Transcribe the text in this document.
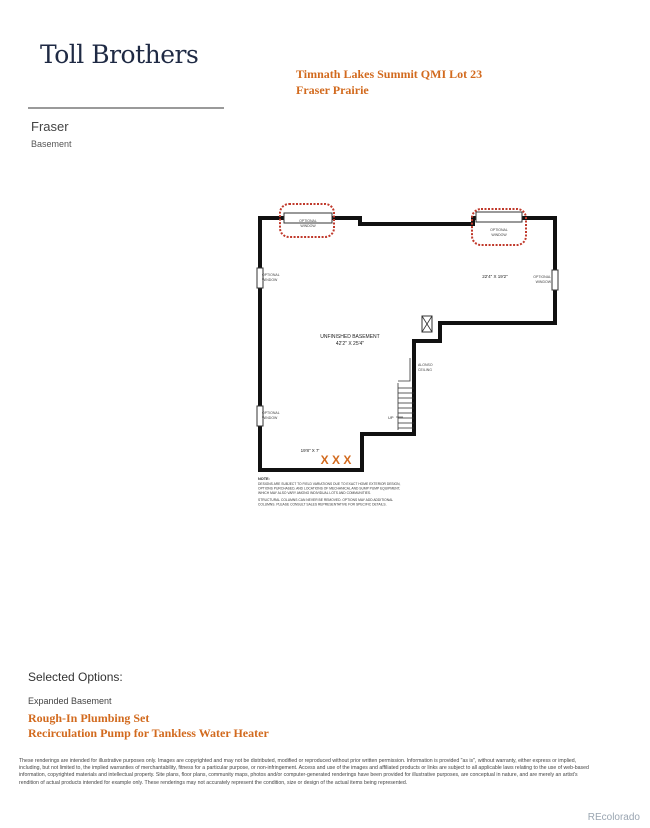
Toll Brothers
Timnath Lakes Summit QMI Lot 23
Fraser Prairie
Fraser
Basement
OPTIONAL
WINDOW
OPTIONAL
WINDOW
OPTIONAL
WINDOW
OPTIONAL
WINDOW
OPTIONAL
WINDOW
UNFINISHED BASEMENT
42'2" X 25'4"
22'4" X 19'2"
19'8" X 7'
X X X
ALONSO
CEILING
UP
NOTE:
DESIGNS ARE SUBJECT TO FIELD VARIATIONS DUE TO EXACT HOME EXTERIOR DESIGN,
OPTIONS PURCHASED, AND LOCATIONS OF MECHANICAL AND SUMP PUMP EQUIPMENT,
WHICH MAY ALSO VARY AMONG INDIVIDUAL LOTS AND COMMUNITIES.
STRUCTURAL COLUMNS CAN NEVER BE REMOVED. OPTIONS MAY ADD ADDITIONAL
COLUMNS. PLEASE CONSULT SALES REPRESENTATIVE FOR SPECIFIC DETAILS.
Selected Options:
Expanded Basement
Rough-In Plumbing Set
Recirculation Pump for Tankless Water Heater

These renderings are intended for illustrative purposes only. Images are copyrighted and may not be distributed, modified or reproduced without prior written permission. Information is provided "as is", without warranty, either express or implied, including, but not limited to, the implied warranties of merchantability, fitness for a particular purpose, or non-infringement. Access and use of the images and affiliated products or links are subject to all applicable laws relating to the use of web-based information, copyrighted materials and intellectual property. Site plans, floor plans, community maps, photos and/or computer-generated renderings have been provided for illustrative purposes, are conceptual in nature, and are merely an artist's rendition of actual products intended for example only. These renderings may not accurately represent the condition, size or design of the actual items being represented.

REcolorado
